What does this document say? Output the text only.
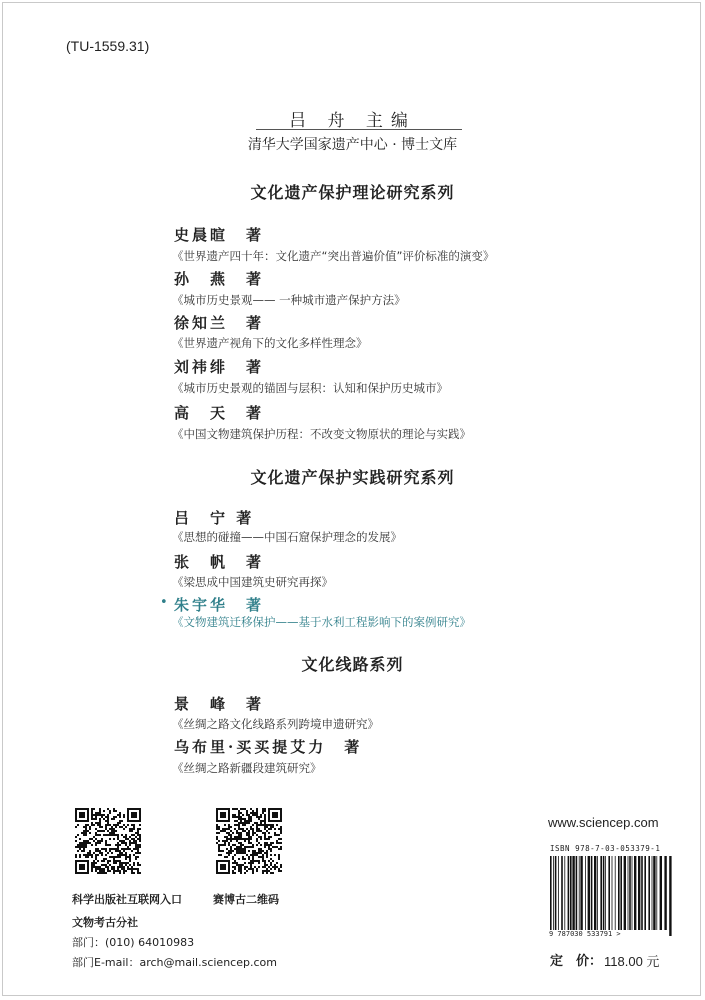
(TU-1559.31)
吕 舟 主编
清华大学国家遗产中心 · 博士文库
文化遗产保护理论研究系列
史晨暄　著
《世界遗产四十年：文化遗产“突出普遍价值”评价标准的演变》
孙　燕　著
《城市历史景观—— 一种城市遗产保护方法》
徐知兰　著
《世界遗产视角下的文化多样性理念》
刘祎绯　著
《城市历史景观的锚固与层积：认知和保护历史城市》
高　天　著
《中国文物建筑保护历程：不改变文物原状的理论与实践》
文化遗产保护实践研究系列
吕　宁 著
《思想的碰撞——中国石窟保护理念的发展》
张　帆　著
《梁思成中国建筑史研究再探》
• 朱宇华　著
《文物建筑迁移保护——基于水利工程影响下的案例研究》
文化线路系列
景　峰　著
《丝绸之路文化线路系列跨境申遗研究》
乌布里·买买提艾力　著
《丝绸之路新疆段建筑研究》
科学出版社互联网入口	赛博古二维码
文物考古分社
部门：(010) 64010983
部门E-mail：arch@mail.sciencep.com
www.sciencep.com
ISBN 978-7-03-053379-1
9 787030 533791 >
定　价： 118.00 元
